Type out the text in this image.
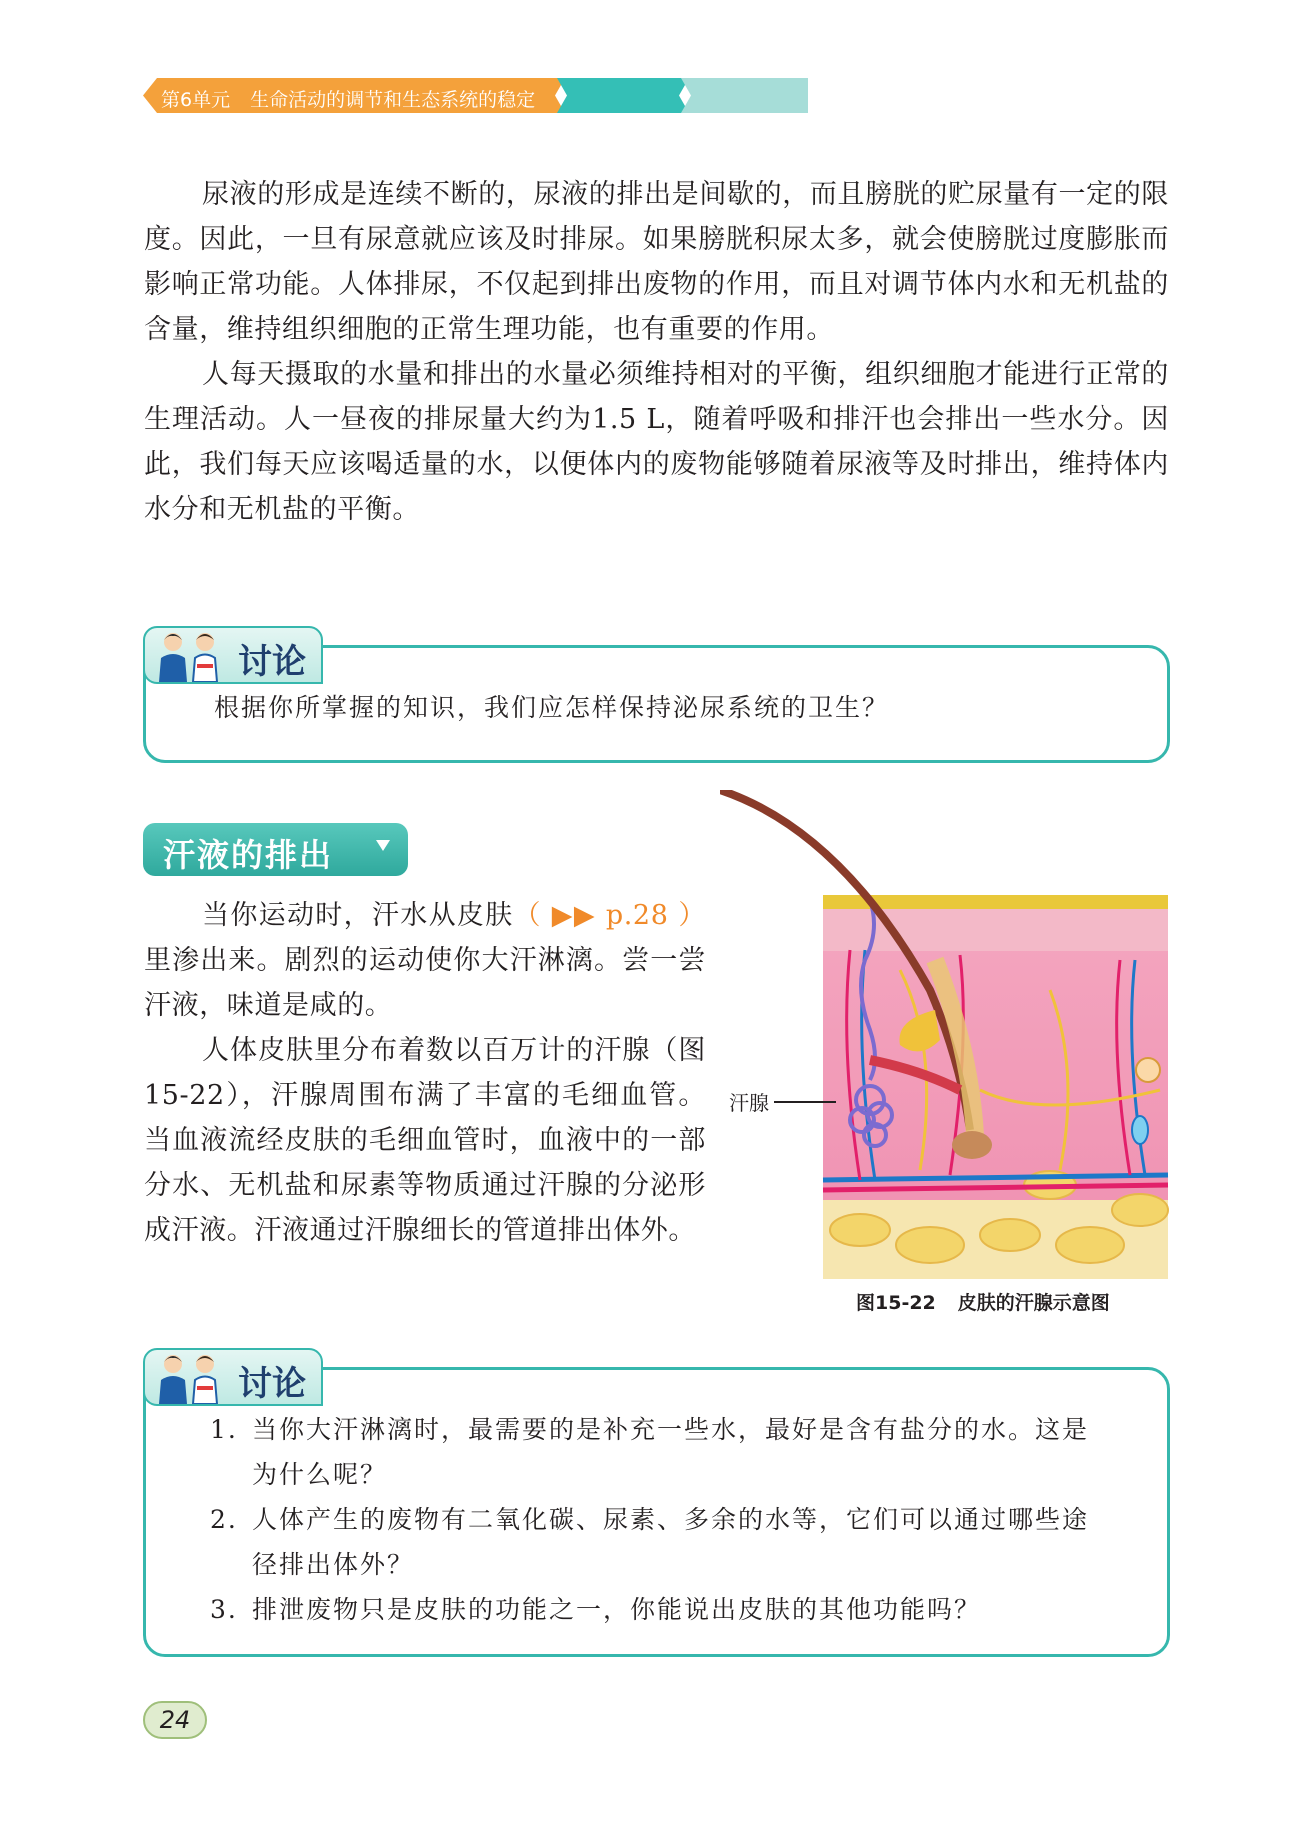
第6单元 生命活动的调节和生态系统的稳定

尿液的形成是连续不断的，尿液的排出是间歇的，而且膀胱的贮尿量有一定的限度。因此，一旦有尿意就应该及时排尿。如果膀胱积尿太多，就会使膀胱过度膨胀而影响正常功能。人体排尿，不仅起到排出废物的作用，而且对调节体内水和无机盐的含量，维持组织细胞的正常生理功能，也有重要的作用。

人每天摄取的水量和排出的水量必须维持相对的平衡，组织细胞才能进行正常的生理活动。人一昼夜的排尿量大约为1.5 L，随着呼吸和排汗也会排出一些水分。因此，我们每天应该喝适量的水，以便体内的废物能够随着尿液等及时排出，维持体内水分和无机盐的平衡。

根据你所掌握的知识，我们应怎样保持泌尿系统的卫生？
讨论
汗液的排出

当你运动时，汗水从皮肤（ ▶▶ p.28 ）里渗出来。剧烈的运动使你大汗淋漓。尝一尝汗液，味道是咸的。

人体皮肤里分布着数以百万计的汗腺（图15-22），汗腺周围布满了丰富的毛细血管。当血液流经皮肤的毛细血管时，血液中的一部分水、无机盐和尿素等物质通过汗腺的分泌形成汗液。汗液通过汗腺细长的管道排出体外。

汗腺
图15-22 皮肤的汗腺示意图
讨论
1. 当你大汗淋漓时，最需要的是补充一些水，最好是含有盐分的水。这是为什么呢？
2. 人体产生的废物有二氧化碳、尿素、多余的水等，它们可以通过哪些途径排出体外？
3. 排泄废物只是皮肤的功能之一，你能说出皮肤的其他功能吗？
24
